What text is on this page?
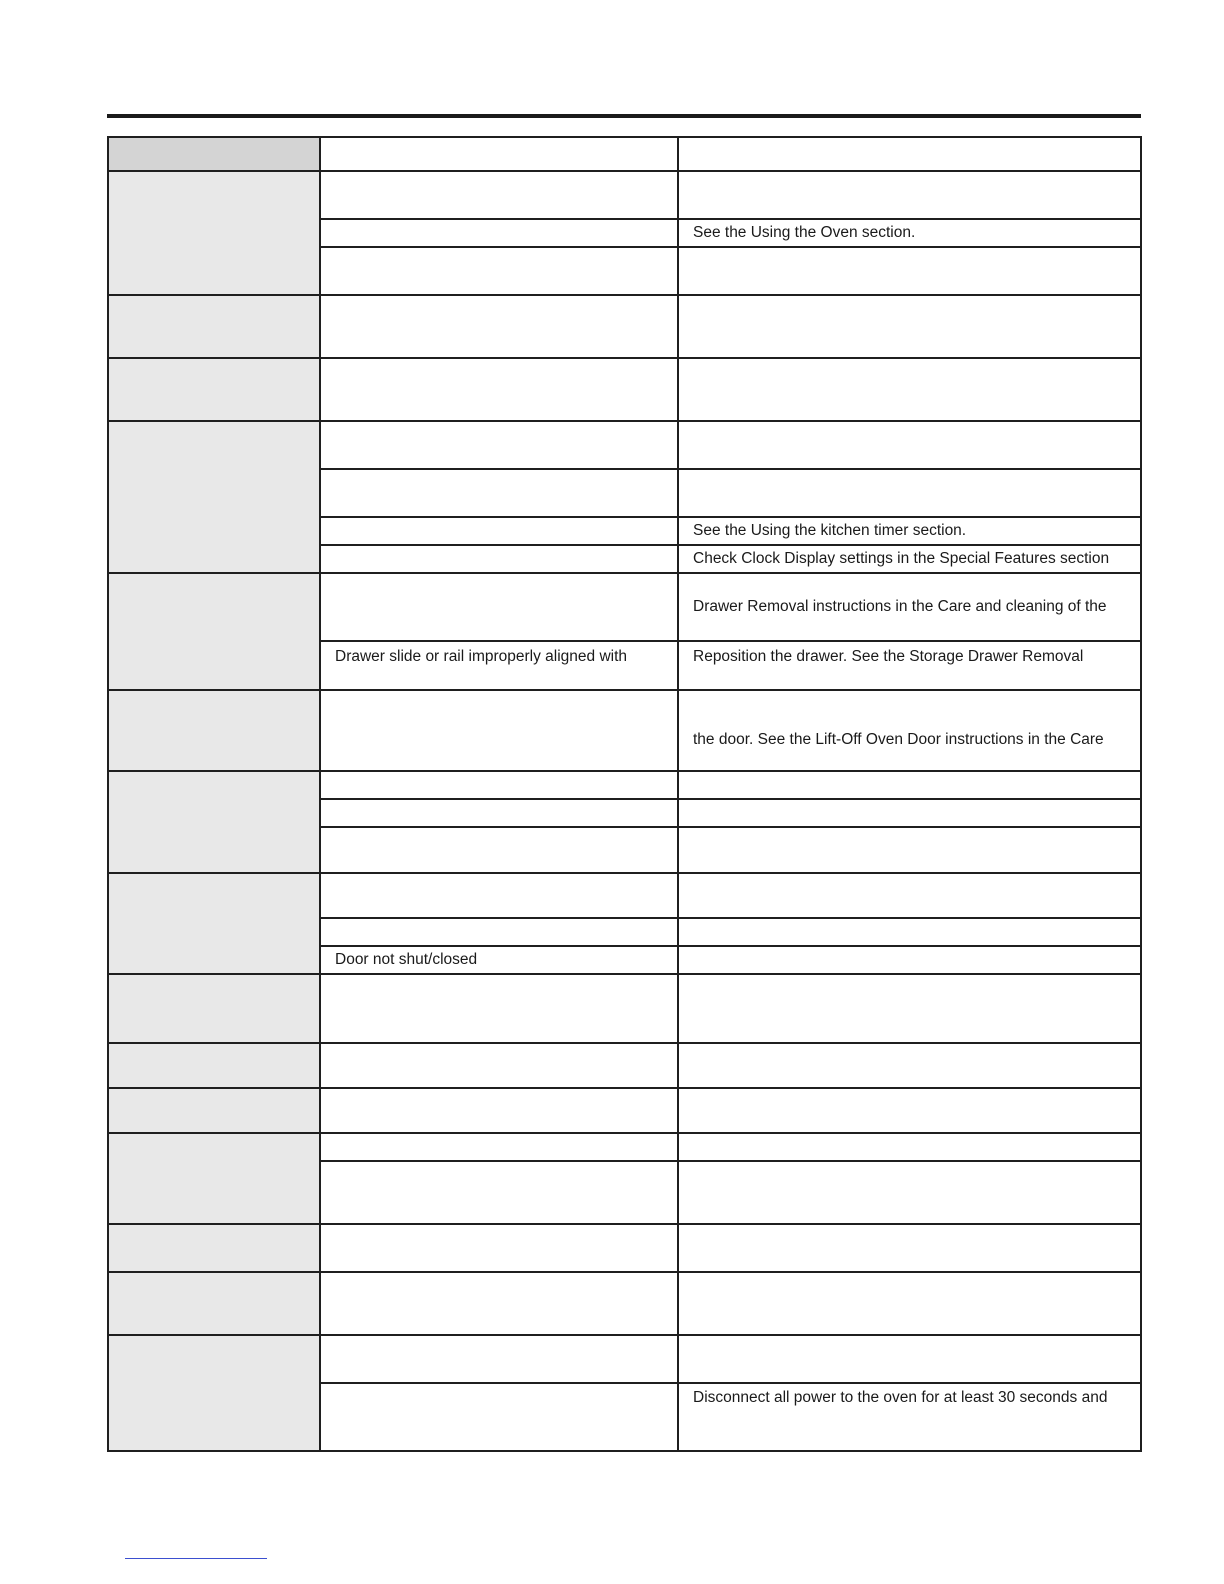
		See the Using the Oven section.

		See the Using the kitchen timer section.
		Check Clock Display settings in the Special Features section
		Drawer Removal instructions in the Care and cleaning of the
	Drawer slide or rail improperly aligned with	Reposition the drawer. See the Storage Drawer Removal
		the door. See the Lift-Off Oven Door instructions in the Care

	Door not shut/closed	

		Disconnect all power to the oven for at least 30 seconds and
